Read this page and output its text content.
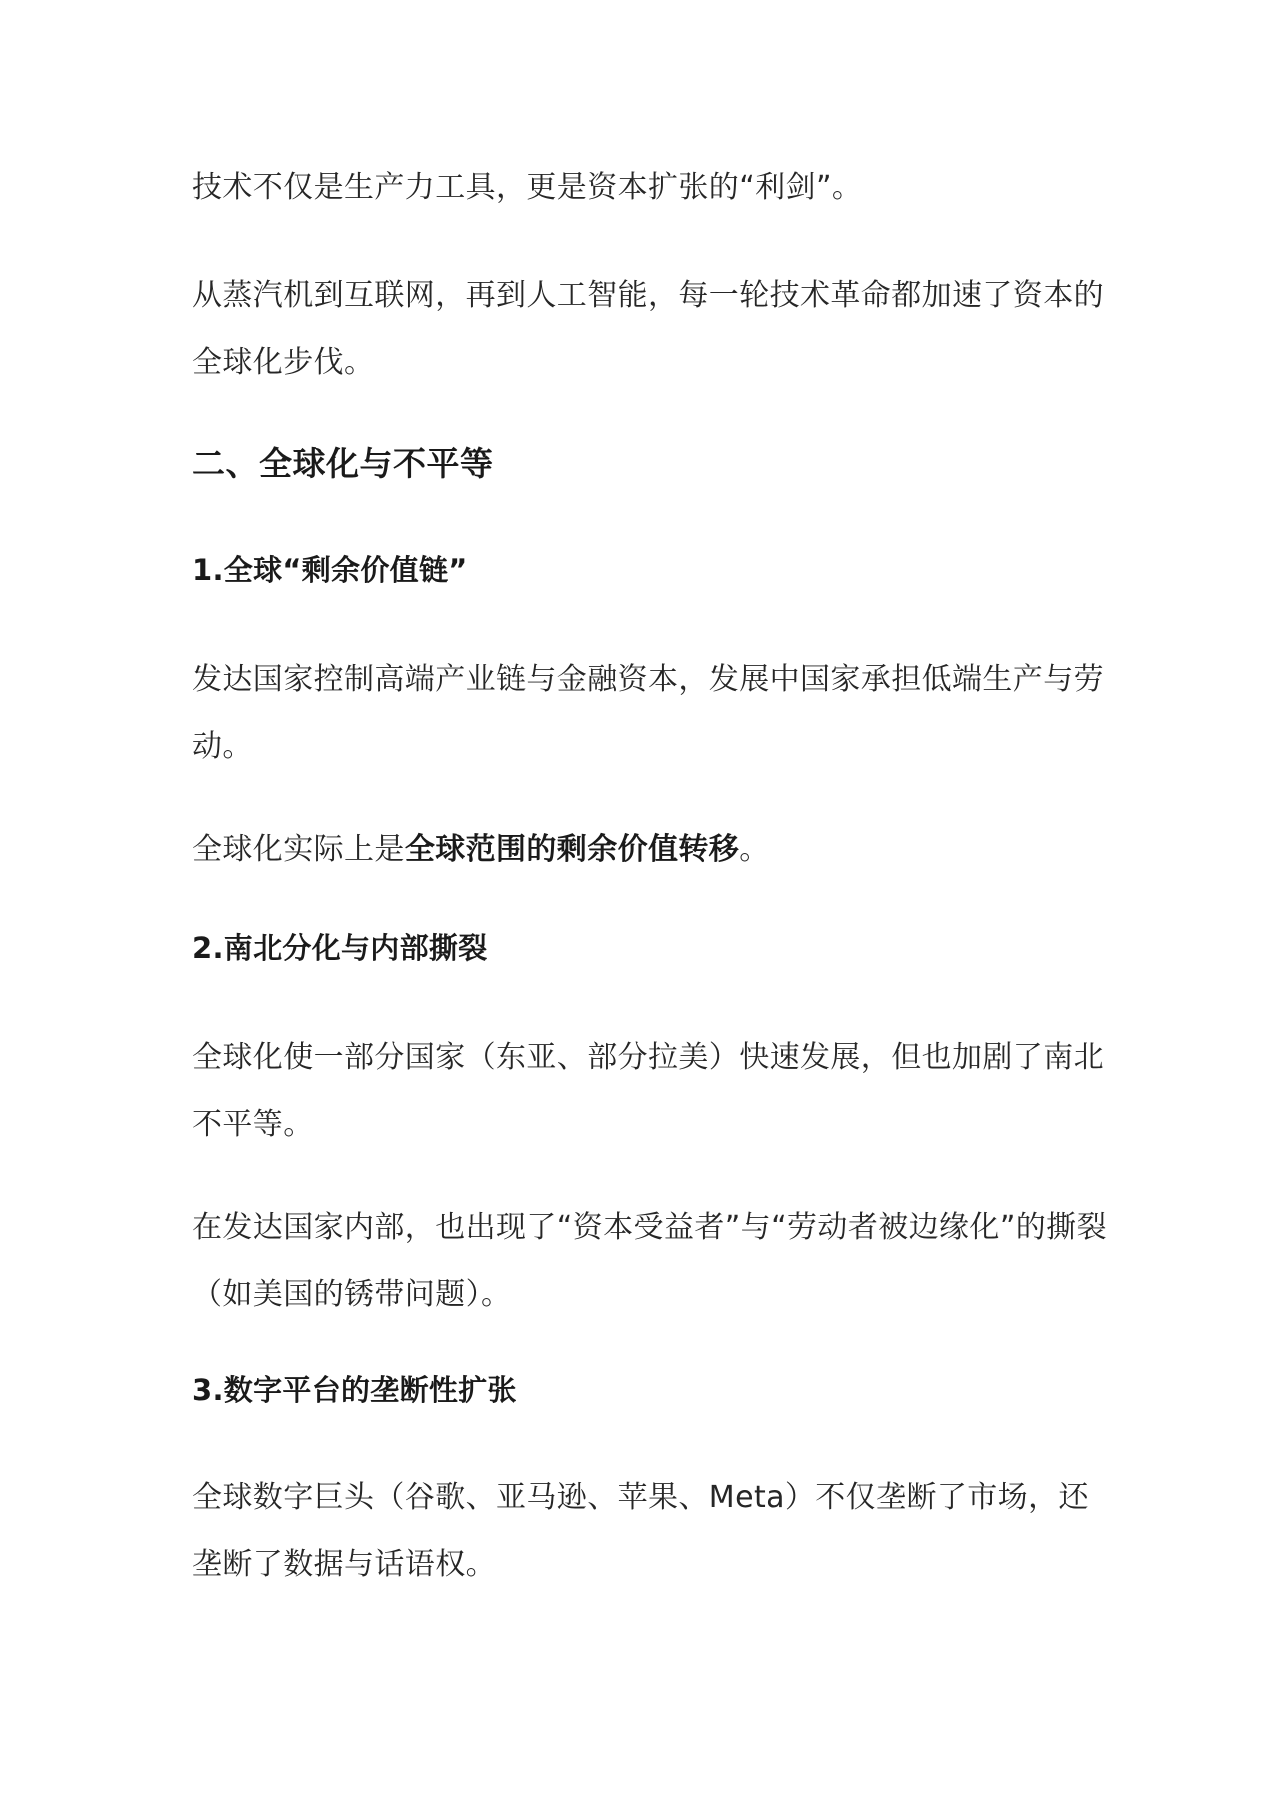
技术不仅是生产力工具，更是资本扩张的“利剑”。

从蒸汽机到互联网，再到人工智能，每一轮技术革命都加速了资本的
全球化步伐。

二、全球化与不平等
1.全球“剩余价值链”

发达国家控制高端产业链与金融资本，发展中国家承担低端生产与劳
动。

全球化实际上是全球范围的剩余价值转移。

2.南北分化与内部撕裂

全球化使一部分国家（东亚、部分拉美）快速发展，但也加剧了南北
不平等。

在发达国家内部，也出现了“资本受益者”与“劳动者被边缘化”的撕裂
（如美国的锈带问题）。

3.数字平台的垄断性扩张

全球数字巨头（谷歌、亚马逊、苹果、Meta）不仅垄断了市场，还
垄断了数据与话语权。
